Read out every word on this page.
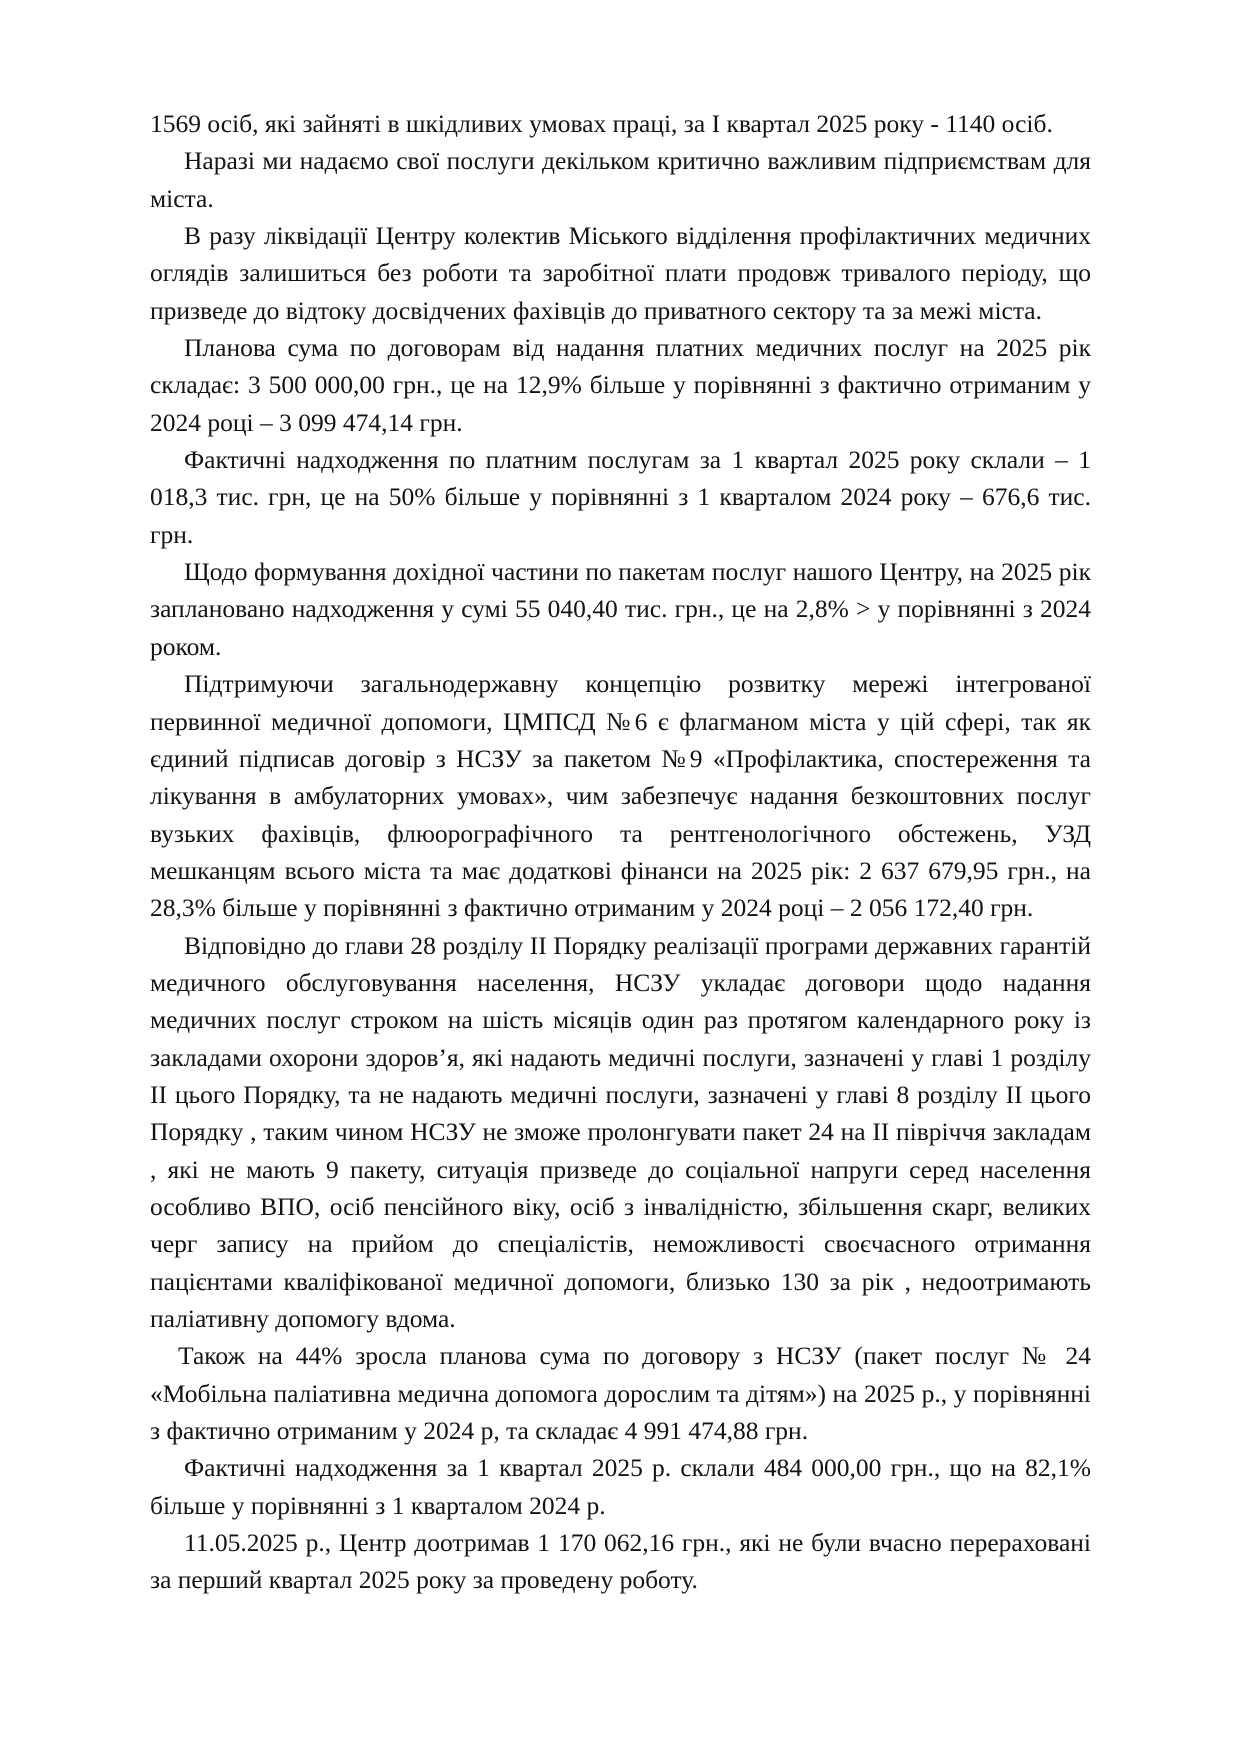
1569 осіб, які зайняті в шкідливих умовах праці, за І квартал 2025 року - 1140 осіб.

Наразі ми надаємо свої послуги декільком критично важливим підприємствам для міста.

В разу ліквідації Центру колектив Міського відділення профілактичних медичних оглядів залишиться без роботи та заробітної плати продовж тривалого періоду, що призведе до відтоку досвідчених фахівців до приватного сектору та за межі міста.

Планова сума по договорам від надання платних медичних послуг на 2025 рік складає: 3 500 000,00 грн., це на 12,9% більше у порівнянні з фактично отриманим у 2024 році – 3 099 474,14 грн.

Фактичні надходження по платним послугам за 1 квартал 2025 року склали – 1 018,3 тис. грн, це на 50% більше у порівнянні з 1 кварталом 2024 року – 676,6 тис. грн.

Щодо формування дохідної частини по пакетам послуг нашого Центру, на 2025 рік заплановано надходження у сумі 55 040,40 тис. грн., це на 2,8% > у порівнянні з 2024 роком.

Підтримуючи загальнодержавну концепцію розвитку мережі інтегрованої первинної медичної допомоги, ЦМПСД №6 є флагманом міста у цій сфері, так як єдиний підписав договір з НСЗУ за пакетом №9 «Профілактика, спостереження та лікування в амбулаторних умовах», чим забезпечує надання безкоштовних послуг вузьких фахівців, флюорографічного та рентгенологічного обстежень, УЗД мешканцям всього міста та має додаткові фінанси на 2025 рік: 2 637 679,95 грн., на 28,3% більше у порівнянні з фактично отриманим у 2024 році – 2 056 172,40 грн.

Відповідно до глави 28 розділу ІІ Порядку реалізації програми державних гарантій медичного обслуговування населення, НСЗУ укладає договори щодо надання медичних послуг строком на шість місяців один раз протягом календарного року із закладами охорони здоров’я, які надають медичні послуги, зазначені у главі 1 розділу ІІ цього Порядку, та не надають медичні послуги, зазначені у главі 8 розділу ІІ цього Порядку , таким чином НСЗУ не зможе пролонгувати пакет 24 на ІІ півріччя закладам , які не мають 9 пакету, ситуація призведе до соціальної напруги серед населення особливо ВПО, осіб пенсійного віку, осіб з інвалідністю, збільшення скарг, великих черг запису на прийом до спеціалістів, неможливості своєчасного отримання пацієнтами кваліфікованої медичної допомоги, близько 130 за рік , недоотримають паліативну допомогу вдома.

Також на 44% зросла планова сума по договору з НСЗУ (пакет послуг № 24 «Мобільна паліативна медична допомога дорослим та дітям») на 2025 р., у порівнянні з фактично отриманим у 2024 р, та складає 4 991 474,88 грн.

Фактичні надходження за 1 квартал 2025 р. склали 484 000,00 грн., що на 82,1% більше у порівнянні з 1 кварталом 2024 р.

11.05.2025 р., Центр доотримав 1 170 062,16 грн., які не були вчасно перераховані за перший квартал 2025 року за проведену роботу.
